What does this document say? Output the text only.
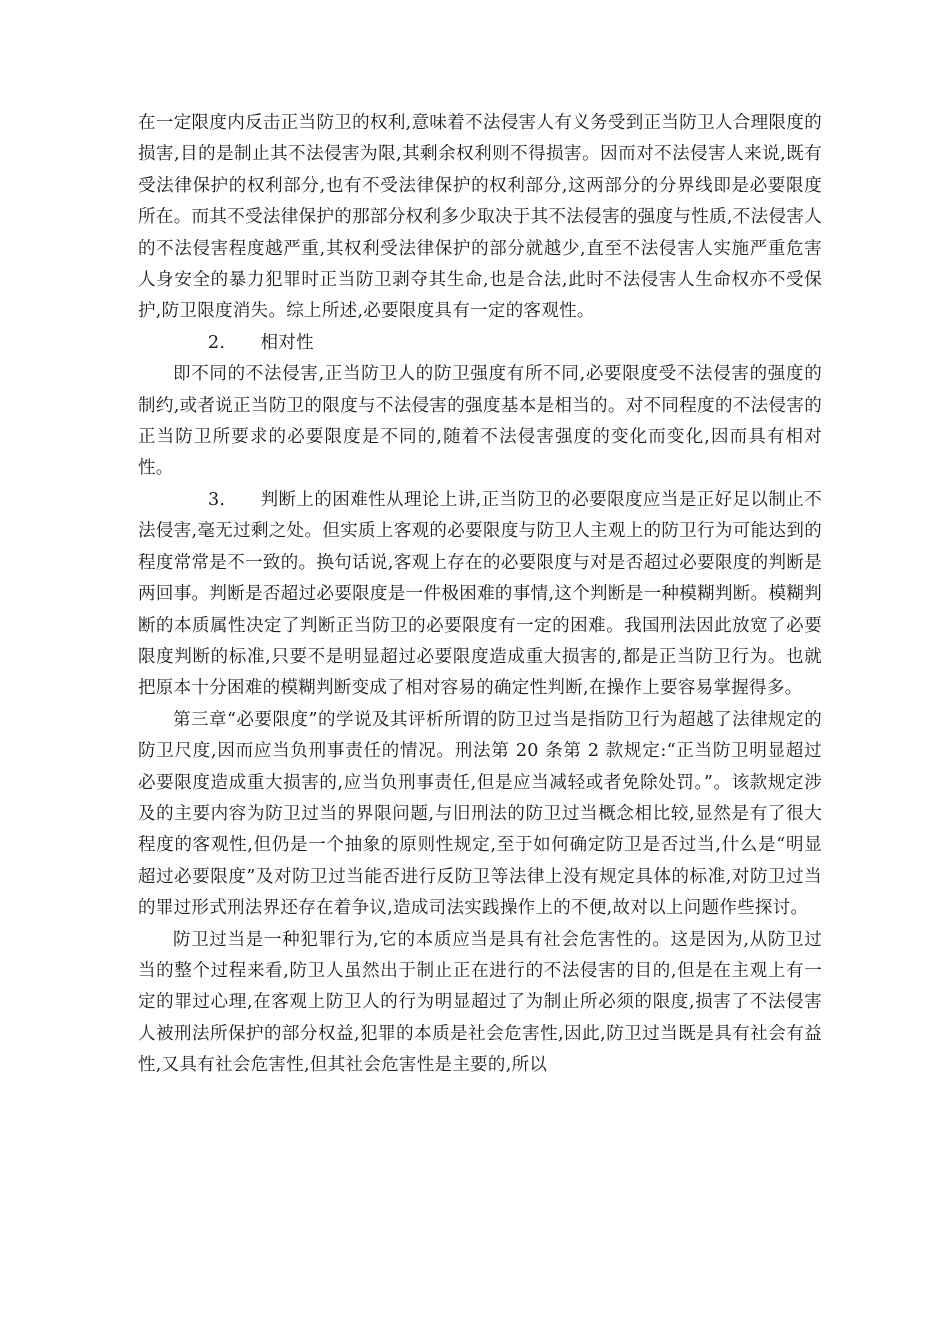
在一定限度内反击正当防卫的权利,意味着不法侵害人有义务受到正当防卫人合理限度的损害,目的是制止其不法侵害为限,其剩余权利则不得损害。因而对不法侵害人来说,既有受法律保护的权利部分,也有不受法律保护的权利部分,这两部分的分界线即是必要限度所在。而其不受法律保护的那部分权利多少取决于其不法侵害的强度与性质,不法侵害人的不法侵害程度越严重,其权利受法律保护的部分就越少,直至不法侵害人实施严重危害人身安全的暴力犯罪时正当防卫剥夺其生命,也是合法,此时不法侵害人生命权亦不受保护,防卫限度消失。综上所述,必要限度具有一定的客观性。

2. 相对性

即不同的不法侵害,正当防卫人的防卫强度有所不同,必要限度受不法侵害的强度的制约,或者说正当防卫的限度与不法侵害的强度基本是相当的。对不同程度的不法侵害的正当防卫所要求的必要限度是不同的,随着不法侵害强度的变化而变化,因而具有相对性。

3. 判断上的困难性从理论上讲,正当防卫的必要限度应当是正好足以制止不法侵害,毫无过剩之处。但实质上客观的必要限度与防卫人主观上的防卫行为可能达到的程度常常是不一致的。换句话说,客观上存在的必要限度与对是否超过必要限度的判断是两回事。判断是否超过必要限度是一件极困难的事情,这个判断是一种模糊判断。模糊判断的本质属性决定了判断正当防卫的必要限度有一定的困难。我国刑法因此放宽了必要限度判断的标准,只要不是明显超过必要限度造成重大损害的,都是正当防卫行为。也就把原本十分困难的模糊判断变成了相对容易的确定性判断,在操作上要容易掌握得多。

第三章“必要限度”的学说及其评析所谓的防卫过当是指防卫行为超越了法律规定的防卫尺度,因而应当负刑事责任的情况。刑法第 20 条第 2 款规定:“正当防卫明显超过必要限度造成重大损害的,应当负刑事责任,但是应当减轻或者免除处罚。”。该款规定涉及的主要内容为防卫过当的界限问题,与旧刑法的防卫过当概念相比较,显然是有了很大程度的客观性,但仍是一个抽象的原则性规定,至于如何确定防卫是否过当,什么是“明显超过必要限度”及对防卫过当能否进行反防卫等法律上没有规定具体的标准,对防卫过当的罪过形式刑法界还存在着争议,造成司法实践操作上的不便,故对以上问题作些探讨。

防卫过当是一种犯罪行为,它的本质应当是具有社会危害性的。这是因为,从防卫过当的整个过程来看,防卫人虽然出于制止正在进行的不法侵害的目的,但是在主观上有一定的罪过心理,在客观上防卫人的行为明显超过了为制止所必须的限度,损害了不法侵害人被刑法所保护的部分权益,犯罪的本质是社会危害性,因此,防卫过当既是具有社会有益性,又具有社会危害性,但其社会危害性是主要的,所以
